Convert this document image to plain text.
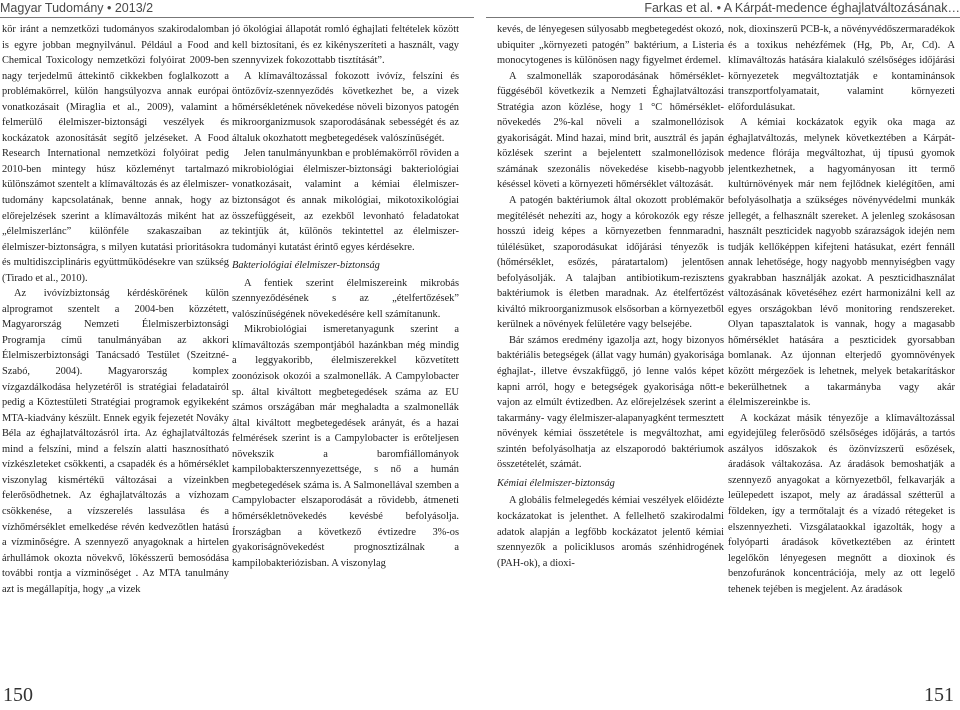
Magyar Tudomány • 2013/2	Farkas et al. • A Kárpát-medence éghajlatváltozásának…

kör iránt a nemzetközi tudományos szakirodalomban is egyre jobban megnyilvánul. Például a Food and Chemical Toxicology nemzetközi folyóirat 2009-ben nagy terjedelmű áttekintő cikkekben foglalkozott a problémakörrel, külön hangsúlyozva annak európai vonatkozásait (Miraglia et al., 2009), valamint a felmerülő élelmiszer-biztonsági veszélyek és kockázatok azonosítását segítő jelzéseket. A Food Research International nemzetközi folyóirat pedig 2010-ben mintegy húsz közleményt tartalmazó különszámot szentelt a klímaváltozás és az élelmiszer-tudomány kapcsolatának, benne annak, hogy az előrejelzések szerint a klímaváltozás miként hat az „élelmiszerlánc” különféle szakaszaiban az élelmiszer-biztonságra, s milyen kutatási prioritásokra és multidiszciplináris együttműködésekre van szükség (Tirado et al., 2010).

Az ivóvízbiztonság kérdéskörének külön alprogramot szentelt a 2004-ben közzétett, Magyarország Nemzeti Élelmiszerbiztonsági Programja című tanulmányában az akkori Élelmiszerbiztonsági Tanácsadó Testület (Szeitzné-Szabó, 2004). Magyarország komplex vízgazdálkodása helyzetéről is stratégiai feladatairól pedig a Köztestületi Stratégiai programok egyikeként MTA-kiadvány készült. Ennek egyik fejezetét Nováky Béla az éghajlatváltozásról írta. Az éghajlatváltozás mind a felszíni, mind a felszín alatti hasznosítható vízkészleteket csökkenti, a csapadék és a hőmérséklet viszonylag kismértékű változásai a vízeinkben felerősödhetnek. Az éghajlatváltozás a vízhozam csökkenése, a vízszerelés lassulása és a vízhőmérséklet emelkedése révén kedvezőtlen hatású a vízminőségre. A szennyező anyagoknak a hirtelen árhullámok okozta növekvő, lökésszerű bemosódása további rontja a vízminőséget . Az MTA tanulmány azt is megállapítja, hogy „a vizek

jó ökológiai állapotát romló éghajlati feltételek között kell biztosítani, és ez kikényszeríteti a használt, vagy szennyvizek fokozottabb tisztítását”.

A klímaváltozással fokozott ivóvíz, felszíni és öntözővíz-szennyeződés következhet be, a vizek hőmérsékletének növekedése növeli bizonyos patogén mikroorganizmusok szaporodásának sebességét és az általuk okozhatott megbetegedések valószínűségét.

Jelen tanulmányunkban e problémakörről röviden a mikrobiológiai élelmiszer-biztonsági bakteriológiai vonatkozásait, valamint a kémiai élelmiszer-biztonságot és annak mikológiai, mikotoxikológiai összefüggéseit, az ezekből levonható feladatokat tekintjük át, különös tekintettel az élelmiszer-tudományi kutatást érintő egyes kérdésekre.

Bakteriológiai élelmiszer-biztonság

A fentiek szerint élelmiszereink mikrobás szennyeződésének s az „ételfertőzések” valószínűségének növekedésére kell számítanunk.

Mikrobiológiai ismeretanyagunk szerint a klímaváltozás szempontjából hazánkban még mindig a leggyakoribb, élelmiszerekkel közvetített zoonózisok okozói a szalmonellák. A Campylobacter sp. által kiváltott megbetegedések száma az EU számos országában már meghaladta a szalmonellák által kiváltott megbetegedések arányát, és a hazai felmérések szerint is a Campylobacter is erőteljesen növekszik a baromfiállományok kampilobakterszennyezettsége, s nő a humán megbetegedések száma is. A Salmonellával szemben a Campylobacter elszaporodását a rövidebb, átmeneti hőmérsékletnövekedés kevésbé befolyásolja. Írországban a következő évtizedre 3%-os gyakoriságnövekedést prognosztizálnak a kampilobakteriózisban. A viszonylag

kevés, de lényegesen súlyosabb megbetegedést okozó, ubiquiter „környezeti patogén” baktérium, a Listeria monocytogenes is különösen nagy figyelmet érdemel.

A szalmonellák szaporodásának hőmérséklet-függéséből következik a Nemzeti Éghajlatváltozási Stratégia azon közlése, hogy 1 °C hőmérséklet-növekedés 2%-kal növeli a szalmonellózisok gyakoriságát. Mind hazai, mind brit, ausztrál és japán közlések szerint a bejelentett szalmonellózisok számának szezonális növekedése kisebb-nagyobb késéssel követi a környezeti hőmérséklet változását.

A patogén baktériumok által okozott problémakör megítélését nehezíti az, hogy a kórokozók egy része hosszú ideig képes a környezetben fennmaradni, túlélésüket, szaporodásukat időjárási tényezők is (hőmérséklet, esőzés, páratartalom) jelentősen befolyásolják. A talajban antibiotikum-rezisztens baktériumok is életben maradnak. Az ételfertőzést kiváltó mikroorganizmusok elsősorban a környezetből kerülnek a növények felületére vagy belsejébe.

Bár számos eredmény igazolja azt, hogy bizonyos baktériális betegségek (állat vagy humán) gyakorisága éghajlat-, illetve évszakfüggő, jó lenne valós képet kapni arról, hogy e betegségek gyakorisága nőtt-e vajon az elmúlt évtizedben. Az előrejelzések szerint a takarmány- vagy élelmiszer-alapanyagként termesztett növények kémiai összetétele is megváltozhat, ami szintén befolyásolhatja az elszaporodó baktériumok összetételét, számát.

Kémiai élelmiszer-biztonság

A globális felmelegedés kémiai veszélyek előidézte kockázatokat is jelenthet. A fellelhető szakirodalmi adatok alapján a legfőbb kockázatot jelentő kémiai szennyezők a policiklusos aromás szénhidrogének (PAH-ok), a dioxi-

nok, dioxinszerű PCB-k, a növényvédőszermaradékok és a toxikus nehézfémek (Hg, Pb, Ar, Cd). A klímaváltozás hatására kialakuló szélsőséges időjárási környezetek megváltoztatják e kontaminánsok transzportfolyamatait, valamint környezeti előfordulásukat.

A kémiai kockázatok egyik oka maga az éghajlatváltozás, melynek következtében a Kárpát-medence flórája megváltozhat, új típusú gyomok jelentkezhetnek, a hagyományosan itt termő kultúrnövények már nem fejlődnek kielégítően, ami befolyásolhatja a szükséges növényvédelmi munkák jellegét, a felhasznált szereket. A jelenleg szokásosan használt peszticidek nagyobb szárazságok idején nem tudják kellőképpen kifejteni hatásukat, ezért fennáll annak lehetősége, hogy nagyobb mennyiségben vagy gyakrabban használják azokat. A peszticidhasználat változásának követéséhez ezért harmonizálni kell az egyes országokban lévő monitoring rendszereket. Olyan tapasztalatok is vannak, hogy a magasabb hőmérséklet hatására a peszticidek gyorsabban bomlanak. Az újonnan elterjedő gyomnövények között mérgezőek is lehetnek, melyek betakarításkor bekerülhetnek a takarmányba vagy akár élelmiszereinkbe is.

A kockázat másik tényezője a klímaváltozással egyidejűleg felerősödő szélsőséges időjárás, a tartós aszályos időszakok és özönvízszerű esőzések, áradások váltakozása. Az áradások bemoshatják a szennyező anyagokat a környezetből, felkavarják a leülepedett iszapot, mely az áradással szétterül a földeken, így a termőtalajt és a vízadó rétegeket is elszennyezheti. Vizsgálataokkal igazolták, hogy a folyóparti áradások következtében az érintett legelőkön lényegesen megnőtt a dioxinok és benzofuránok koncentrációja, mely az ott legelő tehenek tejében is megjelent. Az áradások

150	151
